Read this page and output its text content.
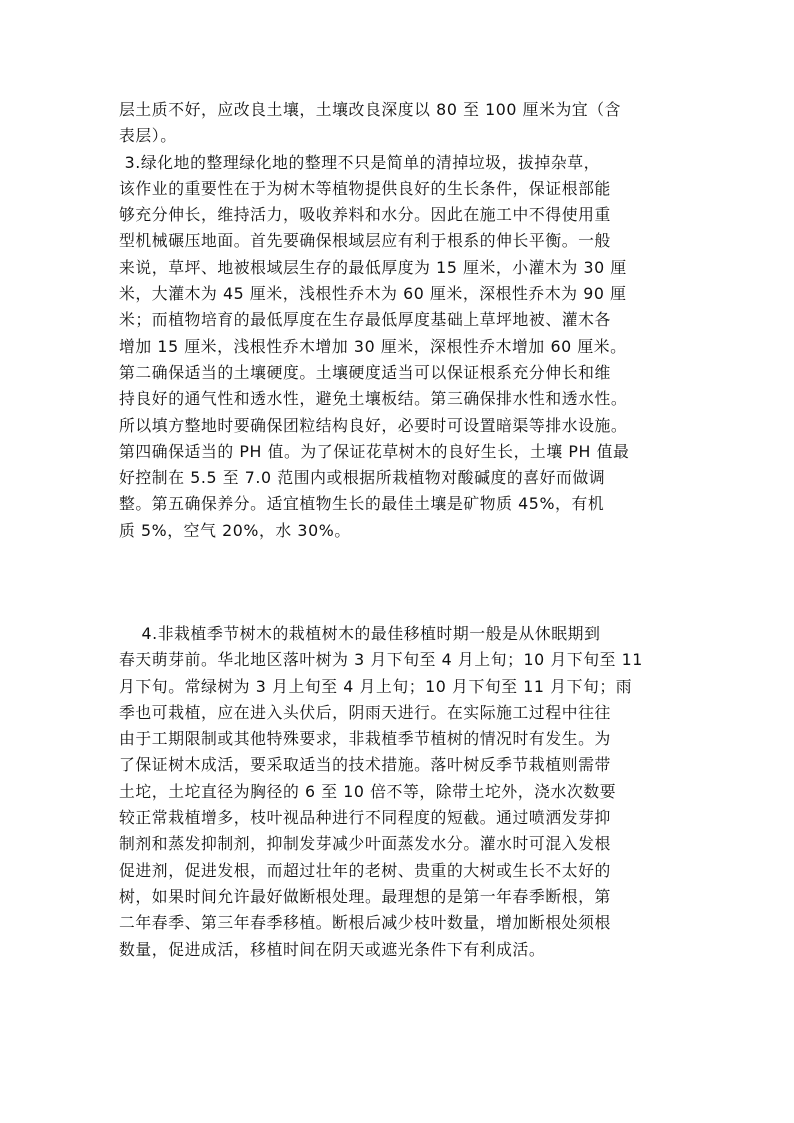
层土质不好，应改良土壤，土壤改良深度以 80 至 100 厘米为宜（含
表层）。
3.绿化地的整理绿化地的整理不只是简单的清掉垃圾，拔掉杂草，
该作业的重要性在于为树木等植物提供良好的生长条件，保证根部能
够充分伸长，维持活力，吸收养料和水分。因此在施工中不得使用重
型机械碾压地面。首先要确保根域层应有利于根系的伸长平衡。一般
来说，草坪、地被根域层生存的最低厚度为 15 厘米，小灌木为 30 厘
米，大灌木为 45 厘米，浅根性乔木为 60 厘米，深根性乔木为 90 厘
米；而植物培育的最低厚度在生存最低厚度基础上草坪地被、灌木各
增加 15 厘米，浅根性乔木增加 30 厘米，深根性乔木增加 60 厘米。
第二确保适当的土壤硬度。土壤硬度适当可以保证根系充分伸长和维
持良好的通气性和透水性，避免土壤板结。第三确保排水性和透水性。
所以填方整地时要确保团粒结构良好，必要时可设置暗渠等排水设施。
第四确保适当的 PH 值。为了保证花草树木的良好生长，土壤 PH 值最
好控制在 5.5 至 7.0 范围内或根据所栽植物对酸碱度的喜好而做调
整。第五确保养分。适宜植物生长的最佳土壤是矿物质 45%，有机
质 5%，空气 20%，水 30%。
4.非栽植季节树木的栽植树木的最佳移植时期一般是从休眠期到
春天萌芽前。华北地区落叶树为 3 月下旬至 4 月上旬；10 月下旬至 11
月下旬。常绿树为 3 月上旬至 4 月上旬；10 月下旬至 11 月下旬；雨
季也可栽植，应在进入头伏后，阴雨天进行。在实际施工过程中往往
由于工期限制或其他特殊要求，非栽植季节植树的情况时有发生。为
了保证树木成活，要采取适当的技术措施。落叶树反季节栽植则需带
土坨，土坨直径为胸径的 6 至 10 倍不等，除带土坨外，浇水次数要
较正常栽植增多，枝叶视品种进行不同程度的短截。通过喷洒发芽抑
制剂和蒸发抑制剂，抑制发芽减少叶面蒸发水分。灌水时可混入发根
促进剂，促进发根，而超过壮年的老树、贵重的大树或生长不太好的
树，如果时间允许最好做断根处理。最理想的是第一年春季断根，第
二年春季、第三年春季移植。断根后减少枝叶数量，增加断根处须根
数量，促进成活，移植时间在阴天或遮光条件下有利成活。
